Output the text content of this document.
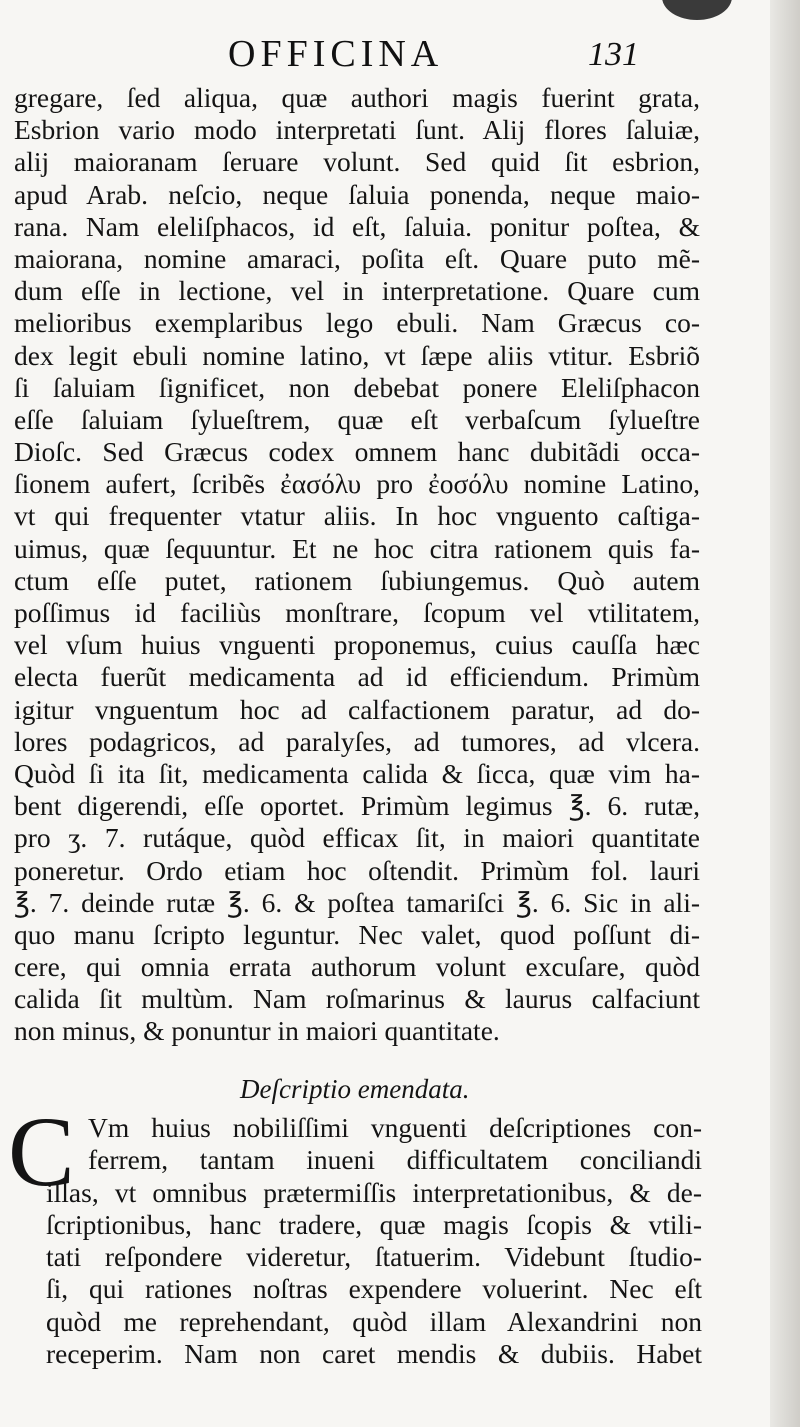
OFFICINA	131
gregare, ſed aliqua, quæ authori magis fuerint grata,
Esbrion vario modo interpretati ſunt. Alij flores ſaluiæ,
alij maioranam ſeruare volunt. Sed quid ſit esbrion,
apud Arab. neſcio, neque ſaluia ponenda, neque maio-
rana. Nam eleliſphacos, id eſt, ſaluia. ponitur poſtea, &
maiorana, nomine amaraci, poſita eſt. Quare puto mẽ-
dum eſſe in lectione, vel in interpretatione. Quare cum
melioribus exemplaribus lego ebuli. Nam Græcus co-
dex legit ebuli nomine latino, vt ſæpe aliis vtitur. Esbriõ
ſi ſaluiam ſignificet, non debebat ponere Eleliſphacon
eſſe ſaluiam ſylueſtrem, quæ eſt verbaſcum ſylueſtre
Dioſc. Sed Græcus codex omnem hanc dubitãdi occa-
ſionem aufert, ſcribẽs ἐασόλυ pro ἐοσόλυ nomine Latino,
vt qui frequenter vtatur aliis. In hoc vnguento caſtiga-
uimus, quæ ſequuntur. Et ne hoc citra rationem quis fa-
ctum eſſe putet, rationem ſubiungemus. Quò autem
poſſimus id faciliùs monſtrare, ſcopum vel vtilitatem,
vel vſum huius vnguenti proponemus, cuius cauſſa hæc
electa fuerũt medicamenta ad id efficiendum. Primùm
igitur vnguentum hoc ad calfactionem paratur, ad do-
lores podagricos, ad paralyſes, ad tumores, ad vlcera.
Quòd ſi ita ſit, medicamenta calida & ſicca, quæ vim ha-
bent digerendi, eſſe oportet. Primùm legimus ℥. 6. rutæ,
pro ʒ. 7. rutáque, quòd efficax ſit, in maiori quantitate
poneretur. Ordo etiam hoc oſtendit. Primùm fol. lauri
℥. 7. deinde rutæ ℥. 6. & poſtea tamariſci ℥. 6. Sic in ali-
quo manu ſcripto leguntur. Nec valet, quod poſſunt di-
cere, qui omnia errata authorum volunt excuſare, quòd
calida ſit multùm. Nam roſmarinus & laurus calfaciunt
non minus, & ponuntur in maiori quantitate.
Deſcriptio emendata.
C Vm huius nobiliſſimi vnguenti deſcriptiones con-
ferrem, tantam inueni difficultatem conciliandi
illas, vt omnibus prætermiſſis interpretationibus, & de-
ſcriptionibus, hanc tradere, quæ magis ſcopis & vtili-
tati reſpondere videretur, ſtatuerim. Videbunt ſtudio-
ſi, qui rationes noſtras expendere voluerint. Nec eſt
quòd me reprehendant, quòd illam Alexandrini non
receperim. Nam non caret mendis & dubiis. Habet
